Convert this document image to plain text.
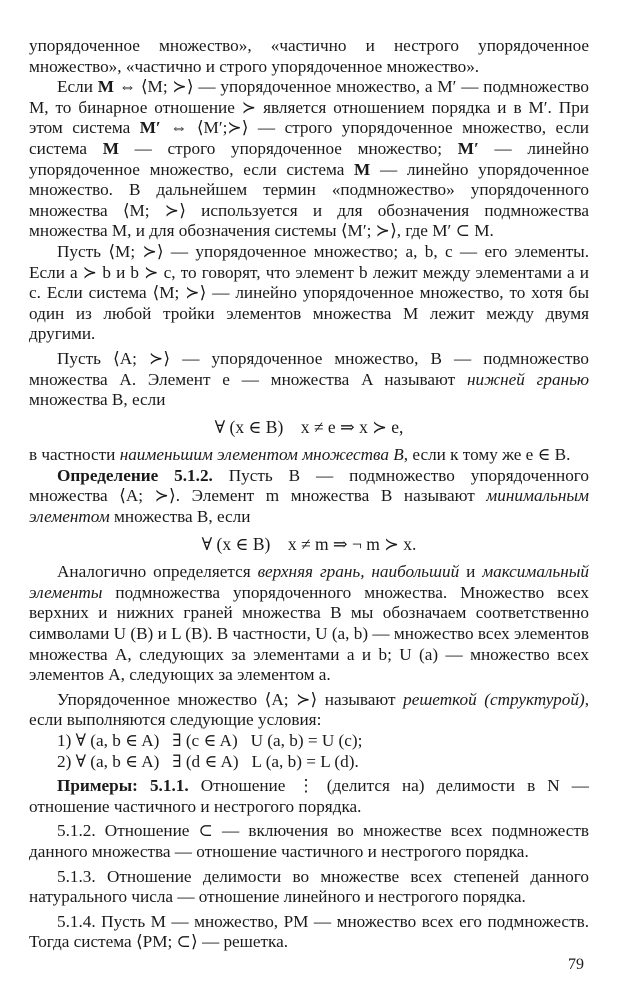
упорядоченное множество», «частично и нестрого упорядоченное множество», «частично и строго упорядоченное множество».

Если M ⇔ ⟨M; ≻⟩ — упорядоченное множество, а M′ — подмножество M, то бинарное отношение ≻ является отношением порядка и в M′. При этом система M′ ⇔ ⟨M′;≻⟩ — строго упорядоченное множество, если система M — строго упорядоченное множество; M′ — линейно упорядоченное множество, если система M — линейно упорядоченное множество. В дальнейшем термин «подмножество» упорядоченного множества ⟨M; ≻⟩ используется и для обозначения подмножества множества M, и для обозначения системы ⟨M′; ≻⟩, где M′ ⊂ M.

Пусть ⟨M; ≻⟩ — упорядоченное множество; a, b, c — его элементы. Если a ≻ b и b ≻ c, то говорят, что элемент b лежит между элементами a и c. Если система ⟨M; ≻⟩ — линейно упорядоченное множество, то хотя бы один из любой тройки элементов множества M лежит между двумя другими.

Пусть ⟨A; ≻⟩ — упорядоченное множество, B — подмножество множества A. Элемент e — множества A называют нижней гранью множества B, если

∀ (x ∈ B)    x ≠ e ⇒ x ≻ e,

в частности наименьшим элементом множества B, если к тому же e ∈ B.

Определение 5.1.2. Пусть B — подмножество упорядоченного множества ⟨A; ≻⟩. Элемент m множества B называют минимальным элементом множества B, если

∀ (x ∈ B)    x ≠ m ⇒ ¬ m ≻ x.

Аналогично определяется верхняя грань, наибольший и максимальный элементы подмножества упорядоченного множества. Множество всех верхних и нижних граней множества B мы обозначаем соответственно символами U (B) и L (B). В частности, U (a, b) — множество всех элементов множества A, следующих за элементами a и b; U (a) — множество всех элементов A, следующих за элементом a.

Упорядоченное множество ⟨A; ≻⟩ называют решеткой (структурой), если выполняются следующие условия:

1) ∀ (a, b ∈ A)   ∃ (c ∈ A)   U (a, b) = U (c);

2) ∀ (a, b ∈ A)   ∃ (d ∈ A)   L (a, b) = L (d).

Примеры: 5.1.1. Отношение ⋮ (делится на) делимости в N — отношение частичного и нестрогого порядка.

5.1.2. Отношение ⊂ — включения во множестве всех подмножеств данного множества — отношение частичного и нестрогого порядка.

5.1.3. Отношение делимости во множестве всех степеней данного натурального числа — отношение линейного и нестрогого порядка.

5.1.4. Пусть M — множество, PM — множество всех его подмножеств. Тогда система ⟨PM; ⊂⟩ — решетка.

79
